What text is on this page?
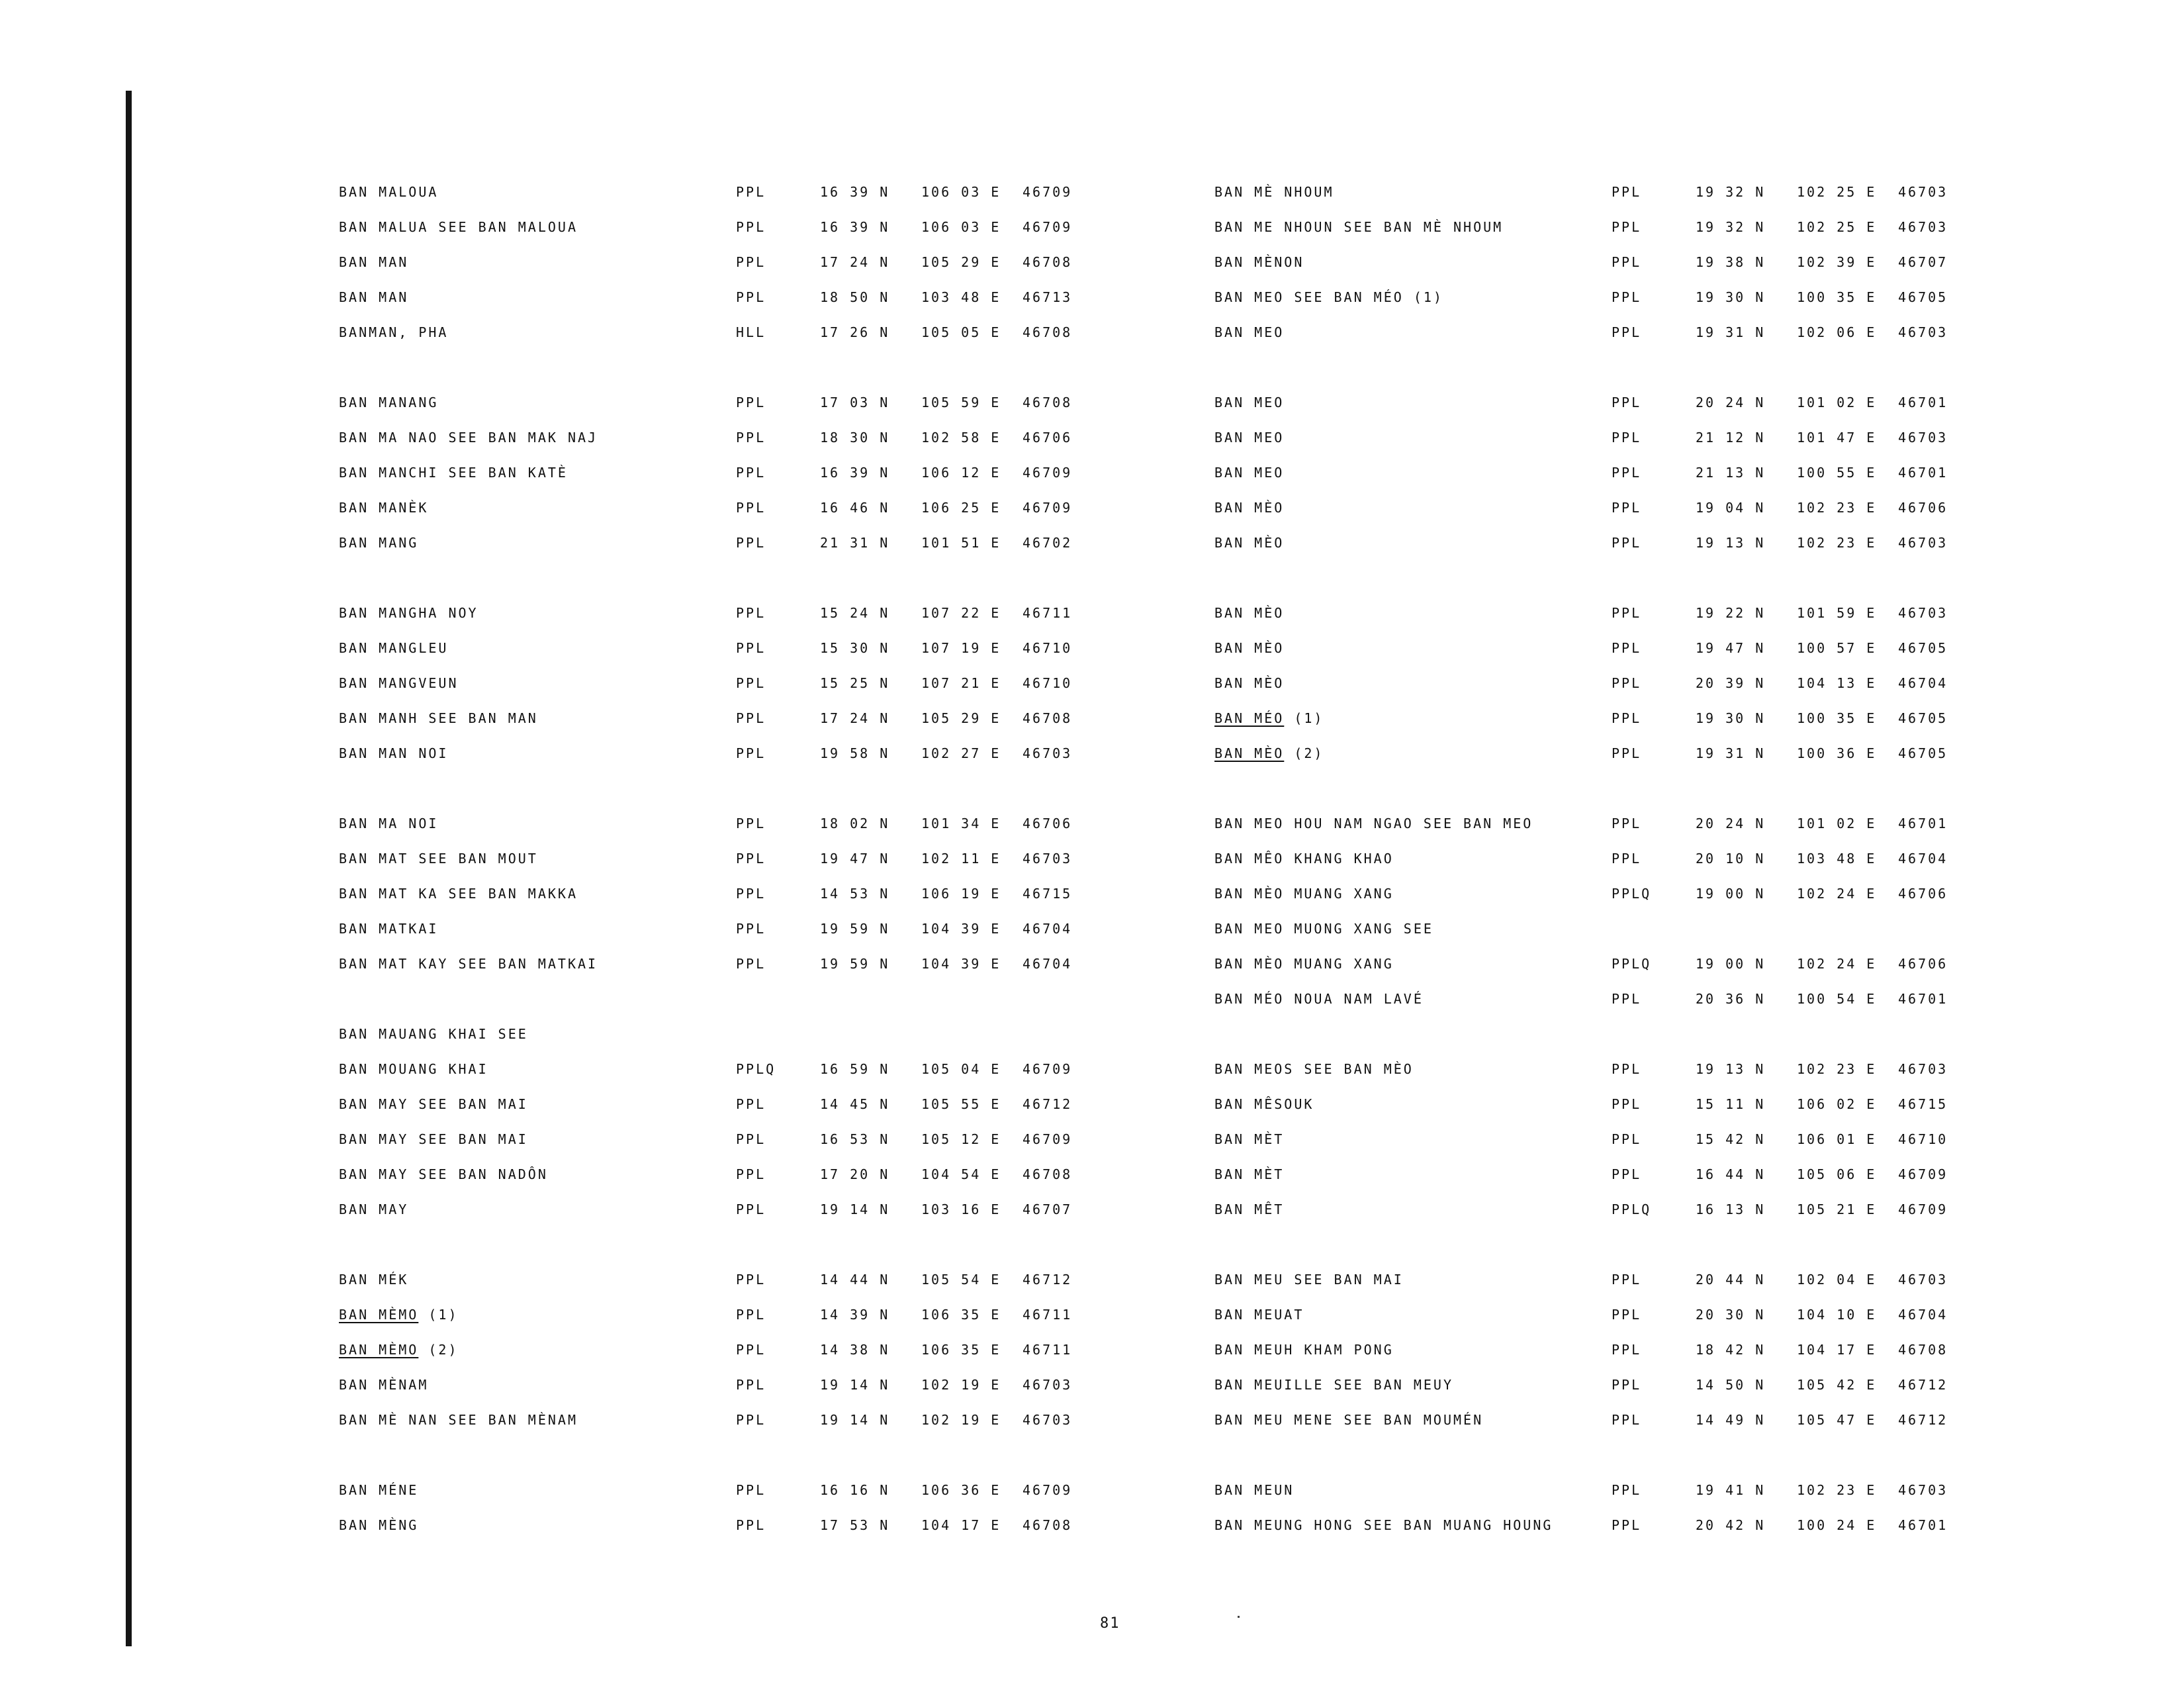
BAN MALOUA	PPL	16 39 N 106 03 E 46709
BAN MALUA SEE BAN MALOUA	PPL	16 39 N 106 03 E 46709
BAN MAN	PPL	17 24 N 105 29 E 46708
BAN MAN	PPL	18 50 N 103 48 E 46713
BANMAN, PHA	HLL	17 26 N 105 05 E 46708
BAN MANANG	PPL	17 03 N 105 59 E 46708
BAN MA NAO SEE BAN MAK NAJ	PPL	18 30 N 102 58 E 46706
BAN MANCHI SEE BAN KATÈ	PPL	16 39 N 106 12 E 46709
BAN MANÈK	PPL	16 46 N 106 25 E 46709
BAN MANG	PPL	21 31 N 101 51 E 46702
BAN MANGHA NOY	PPL	15 24 N 107 22 E 46711
BAN MANGLEU	PPL	15 30 N 107 19 E 46710
BAN MANGVEUN	PPL	15 25 N 107 21 E 46710
BAN MANH SEE BAN MAN	PPL	17 24 N 105 29 E 46708
BAN MAN NOI	PPL	19 58 N 102 27 E 46703
BAN MA NOI	PPL	18 02 N 101 34 E 46706
BAN MAT SEE BAN MOUT	PPL	19 47 N 102 11 E 46703
BAN MAT KA SEE BAN MAKKA	PPL	14 53 N 106 19 E 46715
BAN MATKAI	PPL	19 59 N 104 39 E 46704
BAN MAT KAY SEE BAN MATKAI	PPL	19 59 N 104 39 E 46704
BAN MAUANG KHAI SEE
BAN MOUANG KHAI	PPLQ	16 59 N 105 04 E 46709
BAN MAY SEE BAN MAI	PPL	14 45 N 105 55 E 46712
BAN MAY SEE BAN MAI	PPL	16 53 N 105 12 E 46709
BAN MAY SEE BAN NADÔN	PPL	17 20 N 104 54 E 46708
BAN MAY	PPL	19 14 N 103 16 E 46707
BAN MÉK	PPL	14 44 N 105 54 E 46712
BAN MÈMO (1)	PPL	14 39 N 106 35 E 46711
BAN MÈMO (2)	PPL	14 38 N 106 35 E 46711
BAN MÈNAM	PPL	19 14 N 102 19 E 46703
BAN MÈ NAN SEE BAN MÈNAM	PPL	19 14 N 102 19 E 46703
BAN MÉNE	PPL	16 16 N 106 36 E 46709
BAN MÈNG	PPL	17 53 N 104 17 E 46708
BAN MÈ NHOUM	PPL	19 32 N 102 25 E 46703
BAN ME NHOUN SEE BAN MÈ NHOUM	PPL	19 32 N 102 25 E 46703
BAN MÈNON	PPL	19 38 N 102 39 E 46707
BAN MEO SEE BAN MÉO (1)	PPL	19 30 N 100 35 E 46705
BAN MEO	PPL	19 31 N 102 06 E 46703
BAN MEO	PPL	20 24 N 101 02 E 46701
BAN MEO	PPL	21 12 N 101 47 E 46703
BAN MEO	PPL	21 13 N 100 55 E 46701
BAN MÈO	PPL	19 04 N 102 23 E 46706
BAN MÈO	PPL	19 13 N 102 23 E 46703
BAN MÈO	PPL	19 22 N 101 59 E 46703
BAN MÈO	PPL	19 47 N 100 57 E 46705
BAN MÈO	PPL	20 39 N 104 13 E 46704
BAN MÉO (1)	PPL	19 30 N 100 35 E 46705
BAN MÈO (2)	PPL	19 31 N 100 36 E 46705
BAN MEO HOU NAM NGAO SEE BAN MEO	PPL	20 24 N 101 02 E 46701
BAN MÊO KHANG KHAO	PPL	20 10 N 103 48 E 46704
BAN MÈO MUANG XANG	PPLQ	19 00 N 102 24 E 46706
BAN MEO MUONG XANG SEE
BAN MÈO MUANG XANG	PPLQ	19 00 N 102 24 E 46706
BAN MÉO NOUA NAM LAVÉ	PPL	20 36 N 100 54 E 46701
BAN MEOS SEE BAN MÈO	PPL	19 13 N 102 23 E 46703
BAN MÊSOUK	PPL	15 11 N 106 02 E 46715
BAN MÈT	PPL	15 42 N 106 01 E 46710
BAN MÈT	PPL	16 44 N 105 06 E 46709
BAN MÊT	PPLQ	16 13 N 105 21 E 46709
BAN MEU SEE BAN MAI	PPL	20 44 N 102 04 E 46703
BAN MEUAT	PPL	20 30 N 104 10 E 46704
BAN MEUH KHAM PONG	PPL	18 42 N 104 17 E 46708
BAN MEUILLE SEE BAN MEUY	PPL	14 50 N 105 42 E 46712
BAN MEU MENE SEE BAN MOUMÉN	PPL	14 49 N 105 47 E 46712
BAN MEUN	PPL	19 41 N 102 23 E 46703
BAN MEUNG HONG SEE BAN MUANG HOUNG	PPL	20 42 N 100 24 E 46701
81
